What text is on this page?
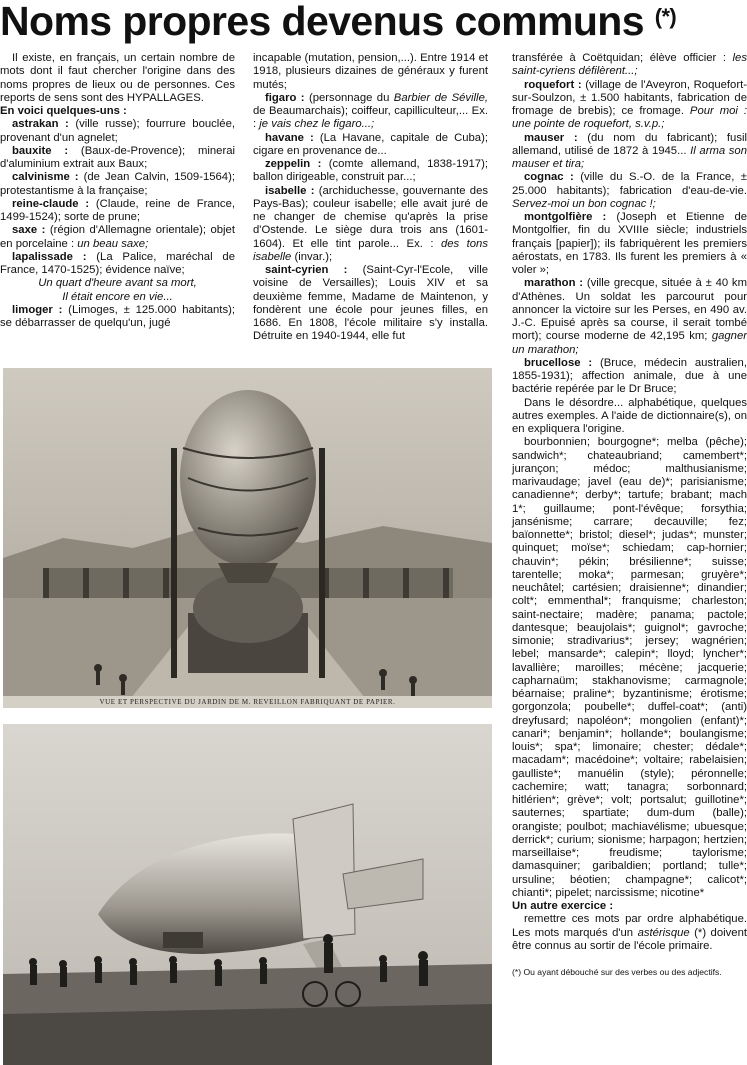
Noms propres devenus communs (*)

Il existe, en français, un certain nombre de mots dont il faut chercher l'origine dans des noms propres de lieux ou de personnes. Ces reports de sens sont des HYPALLAGES.

En voici quelques-uns :

astrakan : (ville russe); fourrure bouclée, provenant d'un agnelet;

bauxite : (Baux-de-Provence); minerai d'aluminium extrait aux Baux;

calvinisme : (de Jean Calvin, 1509-1564); protestantisme à la française;

reine-claude : (Claude, reine de France, 1499-1524); sorte de prune;

saxe : (région d'Allemagne orientale); objet en porcelaine : un beau saxe;

lapalissade : (La Palice, maréchal de France, 1470-1525); évidence naïve;

Un quart d'heure avant sa mort,

Il était encore en vie...

limoger : (Limoges, ± 125.000 habitants); se débarrasser de quelqu'un, jugé

incapable (mutation, pension,...). Entre 1914 et 1918, plusieurs dizaines de généraux y furent mutés;

figaro : (personnage du Barbier de Séville, de Beaumarchais); coiffeur, capilliculteur,... Ex. : je vais chez le figaro...;

havane : (La Havane, capitale de Cuba); cigare en provenance de...

zeppelin : (comte allemand, 1838-1917); ballon dirigeable, construit par...;

isabelle : (archiduchesse, gouvernante des Pays-Bas); couleur isabelle; elle avait juré de ne changer de chemise qu'après la prise d'Ostende. Le siège dura trois ans (1601-1604). Et elle tint parole... Ex. : des tons isabelle (invar.);

saint-cyrien : (Saint-Cyr-l'Ecole, ville voisine de Versailles); Louis XIV et sa deuxième femme, Madame de Maintenon, y fondèrent une école pour jeunes filles, en 1686. En 1808, l'école militaire s'y installa. Détruite en 1940-1944, elle fut

transférée à Coëtquidan; élève officier : les saint-cyriens défilèrent...;

roquefort : (village de l'Aveyron, Roquefort-sur-Soulzon, ± 1.500 habitants, fabrication de fromage de brebis); ce fromage. Pour moi : une pointe de roquefort, s.v.p.;

mauser : (du nom du fabricant); fusil allemand, utilisé de 1872 à 1945... Il arma son mauser et tira;

cognac : (ville du S.-O. de la France, ± 25.000 habitants); fabrication d'eau-de-vie. Servez-moi un bon cognac !;

montgolfière : (Joseph et Etienne de Montgolfier, fin du XVIIIe siècle; industriels français [papier]); ils fabriquèrent les premiers aérostats, en 1783. Ils furent les premiers à « voler »;

marathon : (ville grecque, située à ± 40 km d'Athènes. Un soldat les parcourut pour annoncer la victoire sur les Perses, en 490 av. J.-C. Epuisé après sa course, il serait tombé mort); course moderne de 42,195 km; gagner un marathon;

brucellose : (Bruce, médecin australien, 1855-1931); affection animale, due à une bactérie repérée par le Dr Bruce;

Dans le désordre... alphabétique, quelques autres exemples. A l'aide de dictionnaire(s), on en expliquera l'origine.

bourbonnien; bourgogne*; melba (pêche); sandwich*; chateaubriand; camembert*; jurançon; médoc; malthusianisme; marivaudage; javel (eau de)*; parisianisme; canadienne*; derby*; tartufe; brabant; mach 1*; guillaume; pont-l'évêque; forsythia; jansénisme; carrare; decauville; fez; baïonnette*; bristol; diesel*; judas*; munster; quinquet; moïse*; schiedam; cap-hornier; chauvin*; pékin; brésilienne*; suisse; tarentelle; moka*; parmesan; gruyère*; neuchâtel; cartésien; draisienne*; dinandier; colt*; emmenthal*; franquisme; charleston; saint-nectaire; madère; panama; pactole; dantesque; beaujolais*; guignol*; gavroche; simonie; stradivarius*; jersey; wagnérien; lebel; mansarde*; calepin*; lloyd; lyncher*; lavallière; maroilles; mécène; jacquerie; capharnaüm; stakhanovisme; carmagnole; béarnaise; praline*; byzantinisme; érotisme; gorgonzola; poubelle*; duffel-coat*; (anti) dreyfusard; napoléon*; mongolien (enfant)*; canari*; benjamin*; hollande*; boulangisme; louis*; spa*; limonaire; chester; dédale*; macadam*; macédoine*; voltaire; rabelaisien; gaulliste*; manuélin (style); péronnelle; cachemire; watt; tanagra; sorbonnard; hitlérien*; grève*; volt; portsalut; guillotine*; sauternes; spartiate; dum-dum (balle); orangiste; poulbot; machiavélisme; ubuesque; derrick*; curium; sionisme; harpagon; hertzien; marseillaise*; freudisme; taylorisme; damasquiner; garibaldien; portland; tulle*; ursuline; béotien; champagne*; calicot*; chianti*; pipelet; narcissisme; nicotine*

Un autre exercice :

remettre ces mots par ordre alphabétique. Les mots marqués d'un astérisque (*) doivent être connus au sortir de l'école primaire.

(*) Ou ayant débouché sur des verbes ou des adjectifs.

VUE ET PERSPECTIVE DU JARDIN DE M. REVEILLON FABRIQUANT DE PAPIER.
